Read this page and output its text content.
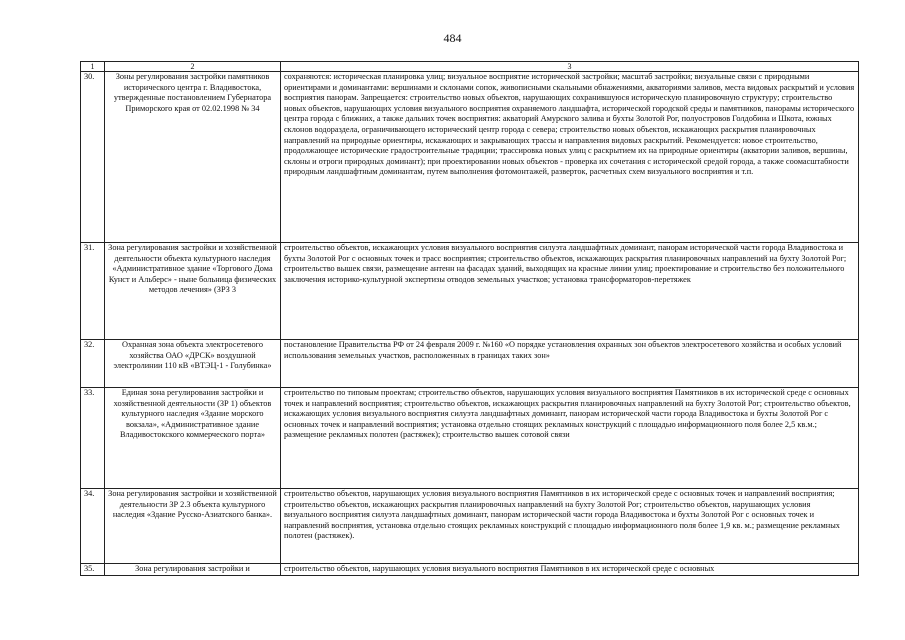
484
1	2	3
30.	Зоны регулирования застройки памятников исторического центра г. Владивостока, утвержденные постановлением Губернатора Приморского края от 02.02.1998 № 34	сохраняются: историческая планировка улиц; визуальное восприятие исторической застройки; масштаб застройки; визуальные связи с природными ориентирами и доминантами: вершинами и склонами сопок, живописными скальными обнажениями, акваториями заливов, места видовых раскрытий и условия восприятия панорам. Запрещается: строительство новых объектов, нарушающих сохранившуюся историческую планировочную структуру; строительство новых объектов, нарушающих условия визуального восприятия охраняемого ландшафта, исторической городской среды и памятников, панорамы исторического центра города с ближних, а также дальних точек восприятия: акваторий Амурского залива и бухты Золотой Рог, полуостровов Голдобина и Шкота, южных склонов водораздела, ограничивающего исторический центр города с севера; строительство новых объектов, искажающих раскрытия планировочных направлений на природные ориентиры, искажающих и закрывающих трассы и направления видовых раскрытий. Рекомендуется: новое строительство, продолжающее исторические градостроительные традиции; трассировка новых улиц с раскрытием их на природные ориентиры (акватории заливов, вершины, склоны и отроги природных доминант); при проектировании новых объектов - проверка их сочетания с исторической средой города, а также соомасштабности природным ландшафтным доминантам, путем выполнения фотомонтажей, разверток, расчетных схем визуального восприятия и т.п.
31.	Зона регулирования застройки и хозяйственной деятельности объекта культурного наследия «Административное здание «Торгового Дома Кунст и Альберс» - ныне больница физических методов лечения» (ЗРЗ 3	строительство объектов, искажающих условия визуального восприятия силуэта ландшафтных доминант, панорам исторической части города Владивостока и бухты Золотой Рог с основных точек и трасс восприятия; строительство объектов, искажающих раскрытия планировочных направлений на бухту Золотой Рог; строительство вышек связи, размещение антенн на фасадах зданий, выходящих на красные линии улиц; проектирование и строительство без положительного заключения историко-культурной экспертизы отводов земельных участков; установка трансформаторов-перетяжек
32.	Охранная зона объекта электросетевого хозяйства ОАО «ДРСК» воздушной электролинии 110 кВ «ВТЭЦ-1 - Голубинка»	постановление Правительства РФ от 24 февраля 2009 г. №160 «О порядке установления охранных зон объектов электросетевого хозяйства и особых условий использования земельных участков, расположенных в границах таких зон»
33.	Единая зона регулирования застройки и хозяйственной деятельности (ЗР 1) объектов культурного наследия «Здание морского вокзала», «Административное здание Владивостокского коммерческого порта»	строительство по типовым проектам; строительство объектов, нарушающих условия визуального восприятия Памятников в их исторической среде с основных точек и направлений восприятия; строительство объектов, искажающих раскрытия планировочных направлений на бухту Золотой Рог; строительство объектов, искажающих условия визуального восприятия силуэта ландшафтных доминант, панорам исторической части города Владивостока и бухты Золотой Рог с основных точек и направлений восприятия; установка отдельно стоящих рекламных конструкций с площадью информационного поля более 2,5 кв.м.; размещение рекламных полотен (растяжек); строительство вышек сотовой связи
34.	Зона регулирования застройки и хозяйственной деятельности ЗР 2.3 объекта культурного наследия «Здание Русско-Азиатского банка».	строительство объектов, нарушающих условия визуального восприятия Памятников в их исторической среде с основных точек и направлений восприятия; строительство объектов, искажающих раскрытия планировочных направлений на бухту Золотой Рог; строительство объектов, нарушающих условия визуального восприятия силуэта ландшафтных доминант, панорам исторической части города Владивостока и бухты Золотой Рог с основных точек и направлений восприятия, установка отдельно стоящих рекламных конструкций с площадью информационного поля более 1,9 кв. м.; размещение рекламных полотен (растяжек).
35.	Зона регулирования застройки и	строительство объектов, нарушающих условия визуального восприятия Памятников в их исторической среде с основных
